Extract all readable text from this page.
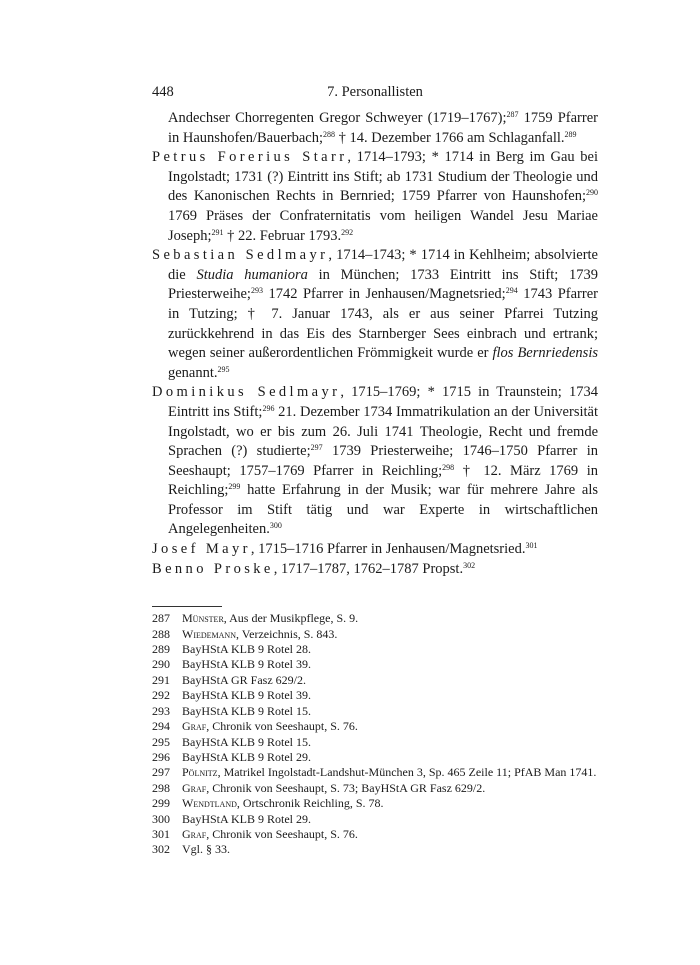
448	7. Personallisten

Andechser Chorregenten Gregor Schweyer (1719–1767);$^{287}$ 1759 Pfarrer in Haunshofen/Bauerbach;$^{288}$ † 14. Dezember 1766 am Schlaganfall.$^{289}$

Petrus Forerius Starr, 1714–1793; * 1714 in Berg im Gau bei Ingolstadt; 1731 (?) Eintritt ins Stift; ab 1731 Studium der Theologie und des Kanonischen Rechts in Bernried; 1759 Pfarrer von Haunshofen;$^{290}$ 1769 Präses der Confraternitatis vom heiligen Wandel Jesu Mariae Joseph;$^{291}$ † 22. Februar 1793.$^{292}$

Sebastian Sedlmayr, 1714–1743; * 1714 in Kehlheim; absolvierte die Studia humaniora in München; 1733 Eintritt ins Stift; 1739 Priesterweihe;$^{293}$ 1742 Pfarrer in Jenhausen/Magnetsried;$^{294}$ 1743 Pfarrer in Tutzing; † 7. Januar 1743, als er aus seiner Pfarrei Tutzing zurückkehrend in das Eis des Starnberger Sees einbrach und ertrank; wegen seiner außerordentlichen Frömmigkeit wurde er flos Bernriedensis genannt.$^{295}$

Dominikus Sedlmayr, 1715–1769; * 1715 in Traunstein; 1734 Eintritt ins Stift;$^{296}$ 21. Dezember 1734 Immatrikulation an der Universität Ingolstadt, wo er bis zum 26. Juli 1741 Theologie, Recht und fremde Sprachen (?) studierte;$^{297}$ 1739 Priesterweihe; 1746–1750 Pfarrer in Seeshaupt; 1757–1769 Pfarrer in Reichling;$^{298}$ † 12. März 1769 in Reichling;$^{299}$ hatte Erfahrung in der Musik; war für mehrere Jahre als Professor im Stift tätig und war Experte in wirtschaftlichen Angelegenheiten.$^{300}$

Josef Mayr, 1715–1716 Pfarrer in Jenhausen/Magnetsried.$^{301}$

Benno Proske, 1717–1787, 1762–1787 Propst.$^{302}$

287	Münster, Aus der Musikpflege, S. 9.

288	Wiedemann, Verzeichnis, S. 843.

289	BayHStA KLB 9 Rotel 28.

290	BayHStA KLB 9 Rotel 39.

291	BayHStA GR Fasz 629/2.

292	BayHStA KLB 9 Rotel 39.

293	BayHStA KLB 9 Rotel 15.

294	Graf, Chronik von Seeshaupt, S. 76.

295	BayHStA KLB 9 Rotel 15.

296	BayHStA KLB 9 Rotel 29.

297	Pölnitz, Matrikel Ingolstadt-Landshut-München 3, Sp. 465 Zeile 11; PfAB Man 1741.

298	Graf, Chronik von Seeshaupt, S. 73; BayHStA GR Fasz 629/2.

299	Wendtland, Ortschronik Reichling, S. 78.

300	BayHStA KLB 9 Rotel 29.

301	Graf, Chronik von Seeshaupt, S. 76.

302	Vgl. § 33.
